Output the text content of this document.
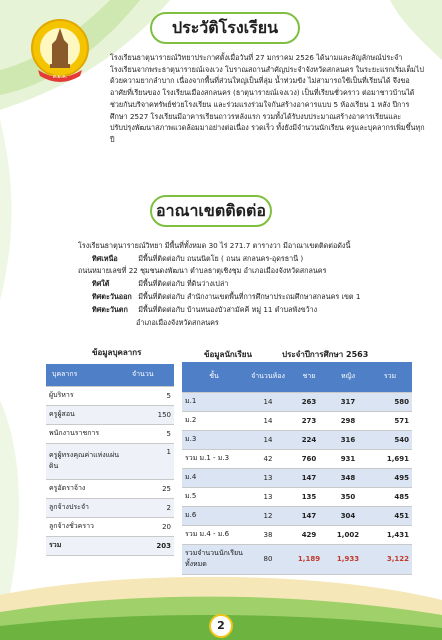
ส.ม.ค.
ประวัติโรงเรียน
โรงเรียนธาตุนารายณ์วิทยาประกาศตั้งเมื่อวันที่ 27 มกราคม 2526 ได้นามและสัญลักษณ์ประจำโรงเรียนจากพระธาตุนารายณ์เจงเวง โบราณสถานสำคัญประจำจังหวัดสกลนคร ในระยะแรกเริ่มเต็มไปด้วยความยากลำบาก เนื่องจากพื้นที่ส่วนใหญ่เป็นที่ลุ่ม น้ำท่วมขัง ไม่สามารถใช้เป็นที่เรียนได้ จึงขออาศัยที่เรียนของ โรงเรียนเมืองสกลนคร (ธาตุนารายณ์เจงเวง) เป็นที่เรียนชั่วคราว ต่อมาชาวบ้านได้ช่วยกันบริจาคทรัพย์ช่วยโรงเรียน และร่วมแรงร่วมใจกันสร้างอาคารแบบ 5 ห้องเรียน 1 หลัง ปีการศึกษา 2527 โรงเรียนมีอาคารเรียนถาวรหลังแรก รวมทั้งได้รับงบประมาณสร้างอาคารเรียนและปรับปรุงพัฒนาสภาพแวดล้อมมาอย่างต่อเนื่อง รวดเร็ว ทั้งยังมีจำนวนนักเรียน ครูและบุคลากรเพิ่มขึ้นทุกปี
อาณาเขตติดต่อ
โรงเรียนธาตุนารายณ์วิทยา มีพื้นที่ทั้งหมด 30 ไร่ 271.7 ตารางวา มีอาณาเขตติดต่อดังนี้
ทิศเหนือ	มีพื้นที่ติดต่อกับ ถนนนิตโย ( ถนน สกลนคร-อุดรธานี )
ถนนหมายเลขที่ 22 ชุมชนดงพัฒนา ตำบลธาตุเชิงชุม อำเภอเมืองจังหวัดสกลนคร
ทิศใต้	มีพื้นที่ติดต่อกับ ที่ดินว่างเปล่า
ทิศตะวันออก มีพื้นที่ติดต่อกับ สำนักงานเขตพื้นที่การศึกษาประถมศึกษาสกลนคร เขต 1
ทิศตะวันตก มีพื้นที่ติดต่อกับ บ้านหนองบัวสามัคคี หมู่ 11 ตำบลพังขว้าง
อำเภอเมืองจังหวัดสกลนคร
ข้อมูลบุคลากร
บุคลากร	จำนวน
ผู้บริหาร	5
ครูผู้สอน	150
พนักงานราชการ	5
ครูผู้ทรงคุณค่าแห่งแผ่นดิน	1
ครูอัตราจ้าง	25
ลูกจ้างประจำ	2
ลูกจ้างชั่วคราว	20
รวม	203
ข้อมูลนักเรียน	ประจำปีการศึกษา 2563
ชั้น	จำนวนห้อง	ชาย	หญิง	รวม
ม.1	14	263	317	580
ม.2	14	273	298	571
ม.3	14	224	316	540
รวม ม.1 - ม.3	42	760	931	1,691
ม.4	13	147	348	495
ม.5	13	135	350	485
ม.6	12	147	304	451
รวม ม.4 - ม.6	38	429	1,002	1,431
รวมจำนวนนักเรียนทั้งหมด	80	1,189	1,933	3,122
2
